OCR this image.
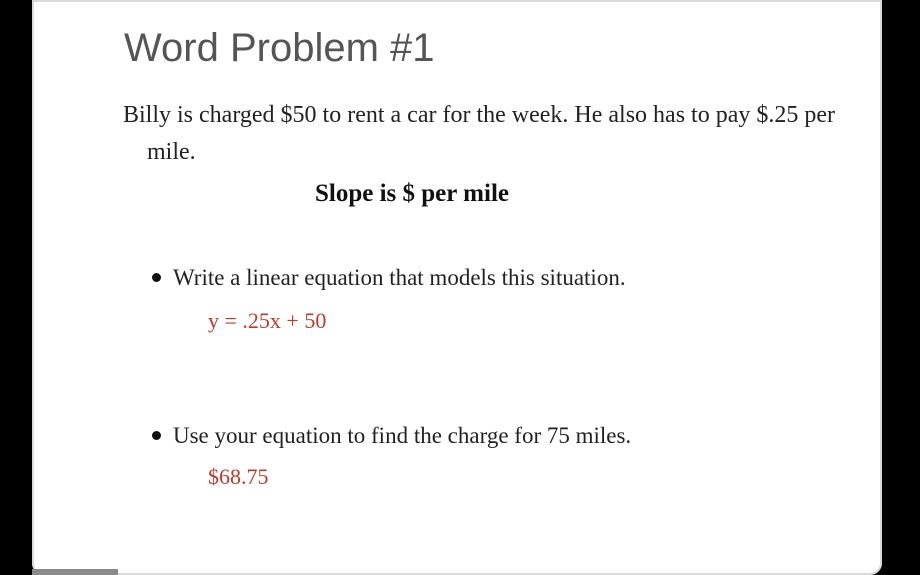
Word Problem #1

Billy is charged $50 to rent a car for the week. He also has to pay $.25 per mile.

Slope is $ per mile

Write a linear equation that models this situation.
y = .25x + 50
Use your equation to find the charge for 75 miles.
$68.75
